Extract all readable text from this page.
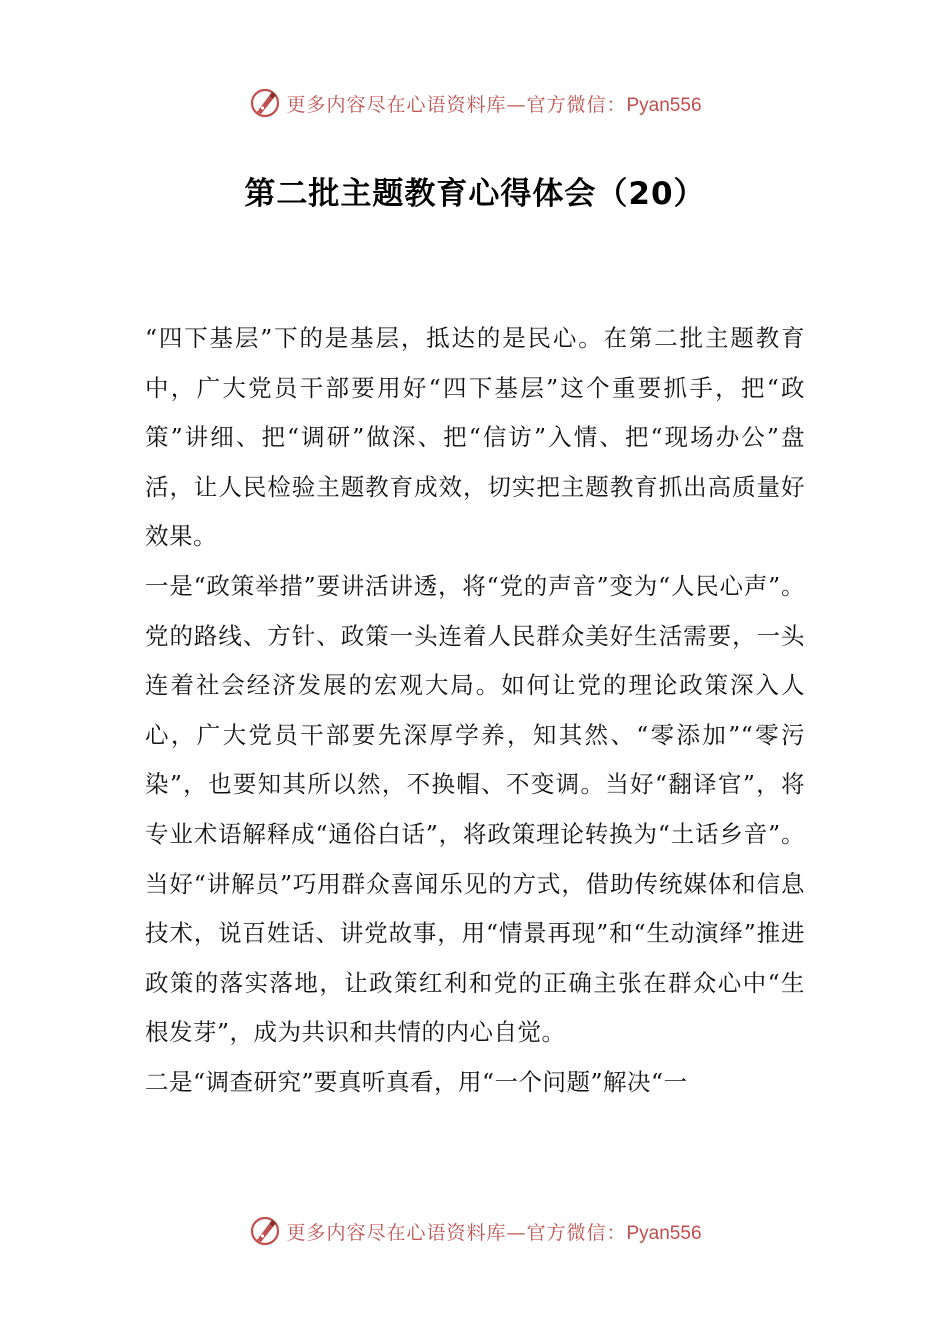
更多内容尽在心语资料库—官方微信：Pyan556
第二批主题教育心得体会（20）

“四下基层”下的是基层，抵达的是民心。在第二批主题教育中，广大党员干部要用好“四下基层”这个重要抓手，把“政策”讲细、把“调研”做深、把“信访”入情、把“现场办公”盘活，让人民检验主题教育成效，切实把主题教育抓出高质量好效果。

一是“政策举措”要讲活讲透，将“党的声音”变为“人民心声”。党的路线、方针、政策一头连着人民群众美好生活需要，一头连着社会经济发展的宏观大局。如何让党的理论政策深入人心，广大党员干部要先深厚学养，知其然、“零添加”“零污染”，也要知其所以然，不换帽、不变调。当好“翻译官”，将专业术语解释成“通俗白话”，将政策理论转换为“土话乡音”。当好“讲解员”巧用群众喜闻乐见的方式，借助传统媒体和信息技术，说百姓话、讲党故事，用“情景再现”和“生动演绎”推进政策的落实落地，让政策红利和党的正确主张在群众心中“生根发芽”，成为共识和共情的内心自觉。

二是“调查研究”要真听真看，用“一个问题”解决“一

更多内容尽在心语资料库—官方微信：Pyan556
